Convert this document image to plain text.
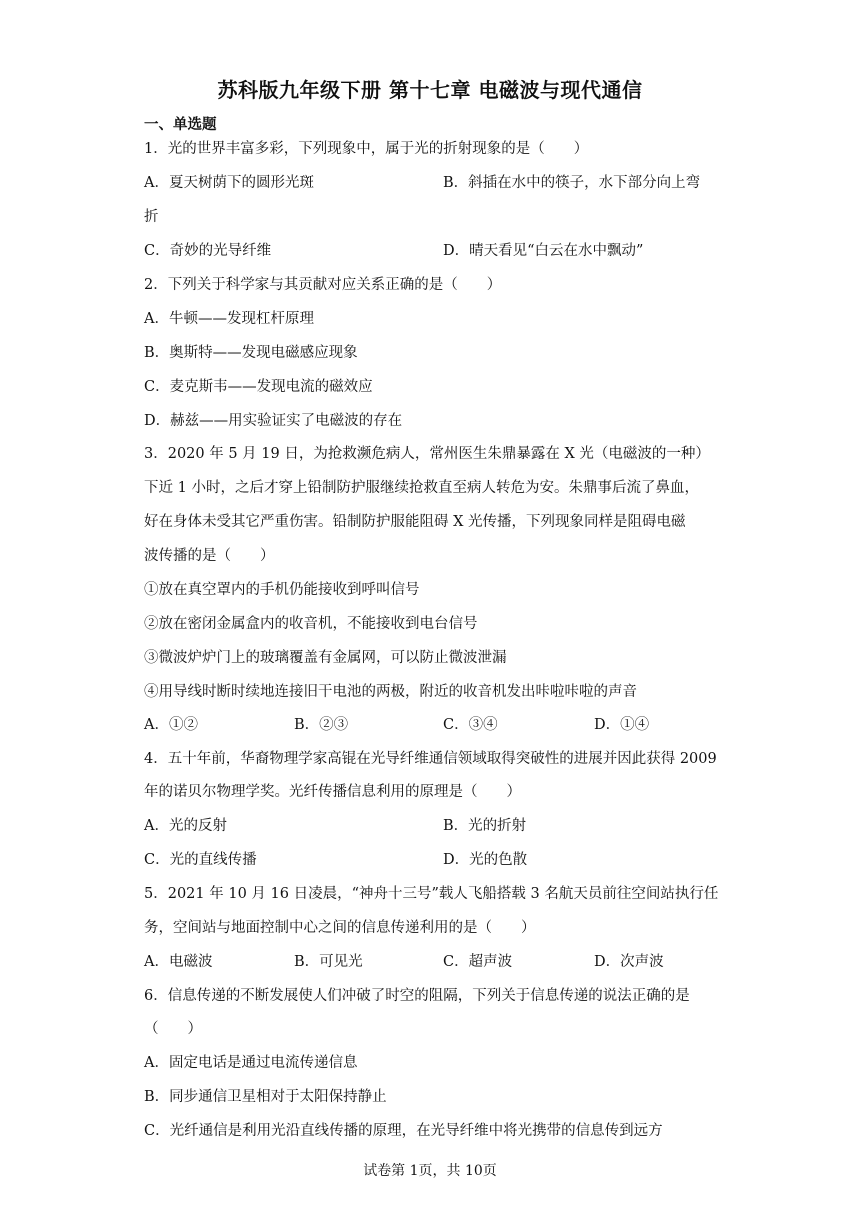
苏科版九年级下册 第十七章 电磁波与现代通信
一、单选题
1．光的世界丰富多彩，下列现象中，属于光的折射现象的是（　　）
A．夏天树荫下的圆形光斑	B．斜插在水中的筷子，水下部分向上弯
折
C．奇妙的光导纤维	D．晴天看见“白云在水中飘动”
2．下列关于科学家与其贡献对应关系正确的是（　　）
A．牛顿——发现杠杆原理
B．奥斯特——发现电磁感应现象
C．麦克斯韦——发现电流的磁效应
D．赫兹——用实验证实了电磁波的存在
3．2020 年 5 月 19 日，为抢救濒危病人，常州医生朱鼎暴露在 X 光（电磁波的一种）
下近 1 小时，之后才穿上铅制防护服继续抢救直至病人转危为安。朱鼎事后流了鼻血，
好在身体未受其它严重伤害。铅制防护服能阻碍 X 光传播，下列现象同样是阻碍电磁
波传播的是（　　）
①放在真空罩内的手机仍能接收到呼叫信号
②放在密闭金属盒内的收音机，不能接收到电台信号
③微波炉炉门上的玻璃覆盖有金属网，可以防止微波泄漏
④用导线时断时续地连接旧干电池的两极，附近的收音机发出咔啦咔啦的声音
A．①②	B．②③	C．③④	D．①④
4．五十年前，华裔物理学家高锟在光导纤维通信领域取得突破性的进展并因此获得 2009
年的诺贝尔物理学奖。光纤传播信息利用的原理是（　　）
A．光的反射	B．光的折射
C．光的直线传播	D．光的色散
5．2021 年 10 月 16 日凌晨，“神舟十三号”载人飞船搭载 3 名航天员前往空间站执行任
务，空间站与地面控制中心之间的信息传递利用的是（　　）
A．电磁波	B．可见光	C．超声波	D．次声波
6．信息传递的不断发展使人们冲破了时空的阻隔，下列关于信息传递的说法正确的是
（　　）
A．固定电话是通过电流传递信息
B．同步通信卫星相对于太阳保持静止
C．光纤通信是利用光沿直线传播的原理，在光导纤维中将光携带的信息传到远方
试卷第 1页，共 10页
